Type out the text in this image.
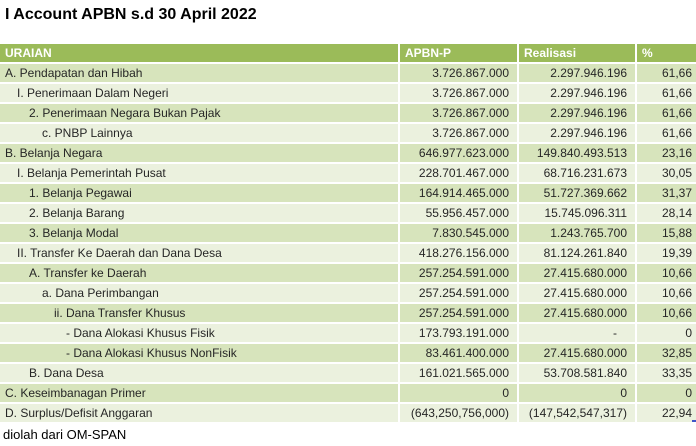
I Account APBN s.d 30 April 2022
URAIAN	APBN-P	Realisasi	%
A. Pendapatan dan Hibah	3.726.867.000	2.297.946.196	61,66
I. Penerimaan Dalam Negeri	3.726.867.000	2.297.946.196	61,66
2. Penerimaan Negara Bukan Pajak	3.726.867.000	2.297.946.196	61,66
c. PNBP Lainnya	3.726.867.000	2.297.946.196	61,66
B. Belanja Negara	646.977.623.000	149.840.493.513	23,16
I. Belanja Pemerintah Pusat	228.701.467.000	68.716.231.673	30,05
1. Belanja Pegawai	164.914.465.000	51.727.369.662	31,37
2. Belanja Barang	55.956.457.000	15.745.096.311	28,14
3. Belanja Modal	7.830.545.000	1.243.765.700	15,88
II. Transfer Ke Daerah dan Dana Desa	418.276.156.000	81.124.261.840	19,39
A. Transfer ke Daerah	257.254.591.000	27.415.680.000	10,66
a. Dana Perimbangan	257.254.591.000	27.415.680.000	10,66
ii. Dana Transfer Khusus	257.254.591.000	27.415.680.000	10,66
- Dana Alokasi Khusus Fisik	173.793.191.000	-	0
- Dana Alokasi Khusus NonFisik	83.461.400.000	27.415.680.000	32,85
B. Dana Desa	161.021.565.000	53.708.581.840	33,35
C. Keseimbanagan Primer	0	0	0
D. Surplus/Defisit Anggaran	(643,250,756,000)	(147,542,547,317)	22,94
diolah dari OM-SPAN
